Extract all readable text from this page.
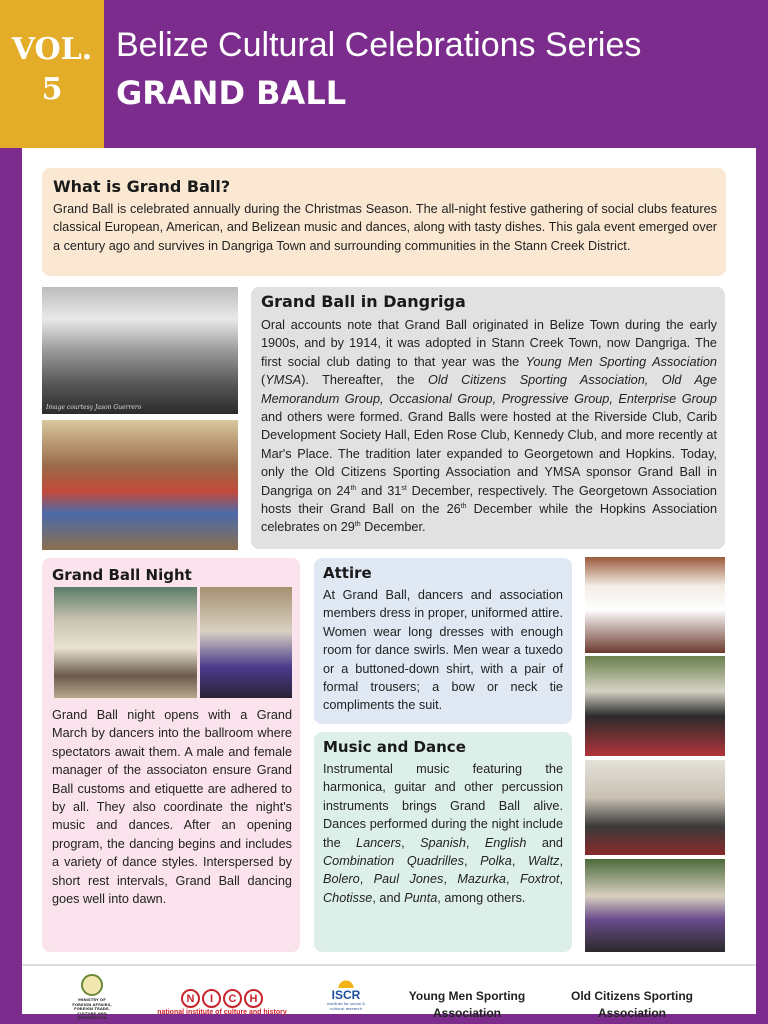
VOL.
5
Belize Cultural Celebrations Series
GRAND BALL
What is Grand Ball?

Grand Ball is celebrated annually during the Christmas Season. The all-night festive gathering of social clubs features classical European, American, and Belizean music and dances, along with tasty dishes. This gala event emerged over a century ago and survives in Dangriga Town and surrounding communities in the Stann Creek District.

Image courtesy Jason Guerrero
Grand Ball in Dangriga

Oral accounts note that Grand Ball originated in Belize Town during the early 1900s, and by 1914, it was adopted in Stann Creek Town, now Dangriga. The first social club dating to that year was the Young Men Sporting Association (YMSA). Thereafter, the Old Citizens Sporting Association, Old Age Memorandum Group, Occasional Group, Progressive Group, Enterprise Group and others were formed. Grand Balls were hosted at the Riverside Club, Carib Development Society Hall, Eden Rose Club, Kennedy Club, and more recently at Mar's Place. The tradition later expanded to Georgetown and Hopkins. Today, only the Old Citizens Sporting Association and YMSA sponsor Grand Ball in Dangriga on 24th and 31st December, respectively. The Georgetown Association hosts their Grand Ball on the 26th December while the Hopkins Association celebrates on 29th December.

Grand Ball Night

Grand Ball night opens with a Grand March by dancers into the ballroom where spectators await them. A male and female manager of the associaton ensure Grand Ball customs and etiquette are adhered to by all. They also coordinate the night's music and dances. After an opening program, the dancing begins and includes a variety of dance styles. Interspersed by short rest intervals, Grand Ball dancing goes well into dawn.

Attire

At Grand Ball, dancers and association members dress in proper, uniformed attire. Women wear long dresses with enough room for dance swirls. Men wear a tuxedo or a buttoned-down shirt, with a pair of formal trousers; a bow or neck tie compliments the suit.

Music and Dance

Instrumental music featuring the harmonica, guitar and other percussion instruments brings Grand Ball alive. Dances performed during the night include the Lancers, Spanish, English and Combination Quadrilles, Polka, Waltz, Bolero, Paul Jones, Mazurka, Foxtrot, Chotisse, and Punta, among others.

MINISTRY OF FOREIGN AFFAIRS, FOREIGN TRADE, CULTURE AND IMMIGRATION
N	I	C	H
national institute of culture and history
ISCR
institute for social & cultural research
Young Men Sporting Association
Old Citizens Sporting Association
